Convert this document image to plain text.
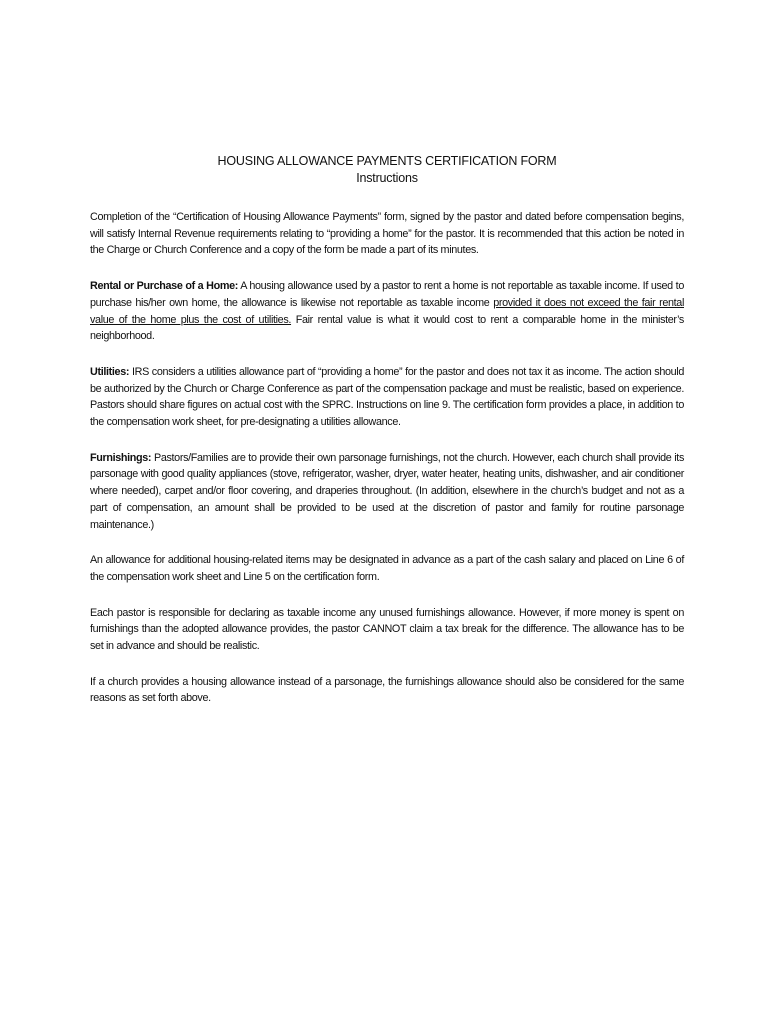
HOUSING ALLOWANCE PAYMENTS CERTIFICATION FORM
Instructions

Completion of the “Certification of Housing Allowance Payments” form, signed by the pastor and dated before compensation begins, will satisfy Internal Revenue requirements relating to “providing a home” for the pastor. It is recommended that this action be noted in the Charge or Church Conference and a copy of the form be made a part of its minutes.

Rental or Purchase of a Home: A housing allowance used by a pastor to rent a home is not reportable as taxable income. If used to purchase his/her own home, the allowance is likewise not reportable as taxable income provided it does not exceed the fair rental value of the home plus the cost of utilities. Fair rental value is what it would cost to rent a comparable home in the minister’s neighborhood.

Utilities: IRS considers a utilities allowance part of “providing a home” for the pastor and does not tax it as income. The action should be authorized by the Church or Charge Conference as part of the compensation package and must be realistic, based on experience. Pastors should share figures on actual cost with the SPRC. Instructions on line 9. The certification form provides a place, in addition to the compensation work sheet, for pre-designating a utilities allowance.

Furnishings: Pastors/Families are to provide their own parsonage furnishings, not the church. However, each church shall provide its parsonage with good quality appliances (stove, refrigerator, washer, dryer, water heater, heating units, dishwasher, and air conditioner where needed), carpet and/or floor covering, and draperies throughout. (In addition, elsewhere in the church’s budget and not as a part of compensation, an amount shall be provided to be used at the discretion of pastor and family for routine parsonage maintenance.)

An allowance for additional housing-related items may be designated in advance as a part of the cash salary and placed on Line 6 of the compensation work sheet and Line 5 on the certification form.

Each pastor is responsible for declaring as taxable income any unused furnishings allowance. However, if more money is spent on furnishings than the adopted allowance provides, the pastor CANNOT claim a tax break for the difference. The allowance has to be set in advance and should be realistic.

If a church provides a housing allowance instead of a parsonage, the furnishings allowance should also be considered for the same reasons as set forth above.
